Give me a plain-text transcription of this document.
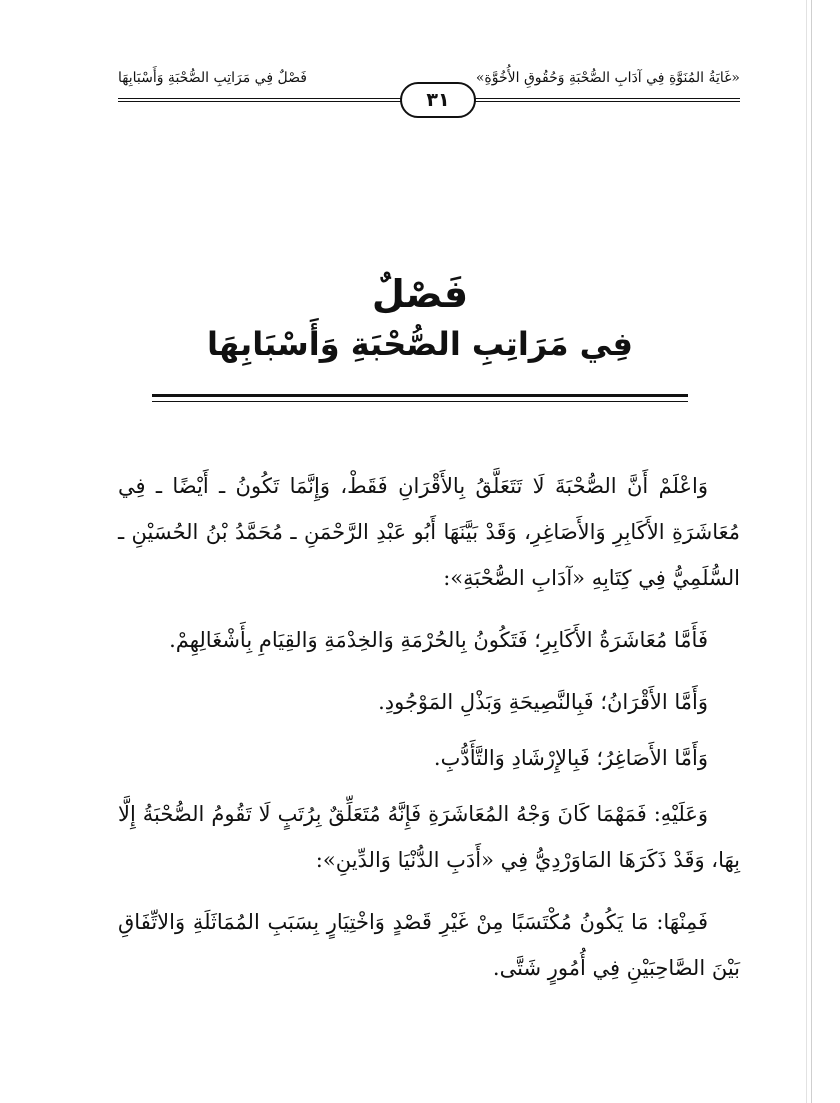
«غَايَةُ المُنَوَّةِ فِي آدَابِ الصُّحْبَةِ وَحُقُوقِ الأُخُوَّةِ»
فَصْلٌ فِي مَرَاتِبِ الصُّحْبَةِ وَأَسْبَابِهَا
٣١
فَصْلٌ
فِي مَرَاتِبِ الصُّحْبَةِ وَأَسْبَابِهَا

وَاعْلَمْ أَنَّ الصُّحْبَةَ لَا تَتَعَلَّقُ بِالأَقْرَانِ فَقَطْ، وَإِنَّمَا تَكُونُ ـ أَيْضًا ـ فِي مُعَاشَرَةِ الأَكَابِرِ وَالأَصَاغِرِ، وَقَدْ بَيَّنَهَا أَبُو عَبْدِ الرَّحْمَنِ ـ مُحَمَّدُ بْنُ الحُسَيْنِ ـ السُّلَمِيُّ فِي كِتَابِهِ «آدَابِ الصُّحْبَةِ»:

فَأَمَّا مُعَاشَرَةُ الأَكَابِرِ؛ فَتَكُونُ بِالحُرْمَةِ وَالخِدْمَةِ وَالقِيَامِ بِأَشْغَالِهِمْ.

وَأَمَّا الأَقْرَانُ؛ فَبِالنَّصِيحَةِ وَبَذْلِ المَوْجُودِ.

وَأَمَّا الأَصَاغِرُ؛ فَبِالإِرْشَادِ وَالتَّأَدُّبِ.

وَعَلَيْهِ: فَمَهْمَا كَانَ وَجْهُ المُعَاشَرَةِ فَإِنَّهُ مُتَعَلِّقٌ بِرُتَبٍ لَا تَقُومُ الصُّحْبَةُ إِلَّا بِهَا، وَقَدْ ذَكَرَهَا المَاوَرْدِيُّ فِي «أَدَبِ الدُّنْيَا وَالدِّينِ»:

فَمِنْهَا: مَا يَكُونُ مُكْتَسَبًا مِنْ غَيْرِ قَصْدٍ وَاخْتِيَارٍ بِسَبَبِ المُمَاثَلَةِ وَالاتِّفَاقِ بَيْنَ الصَّاحِبَيْنِ فِي أُمُورٍ شَتَّى.
